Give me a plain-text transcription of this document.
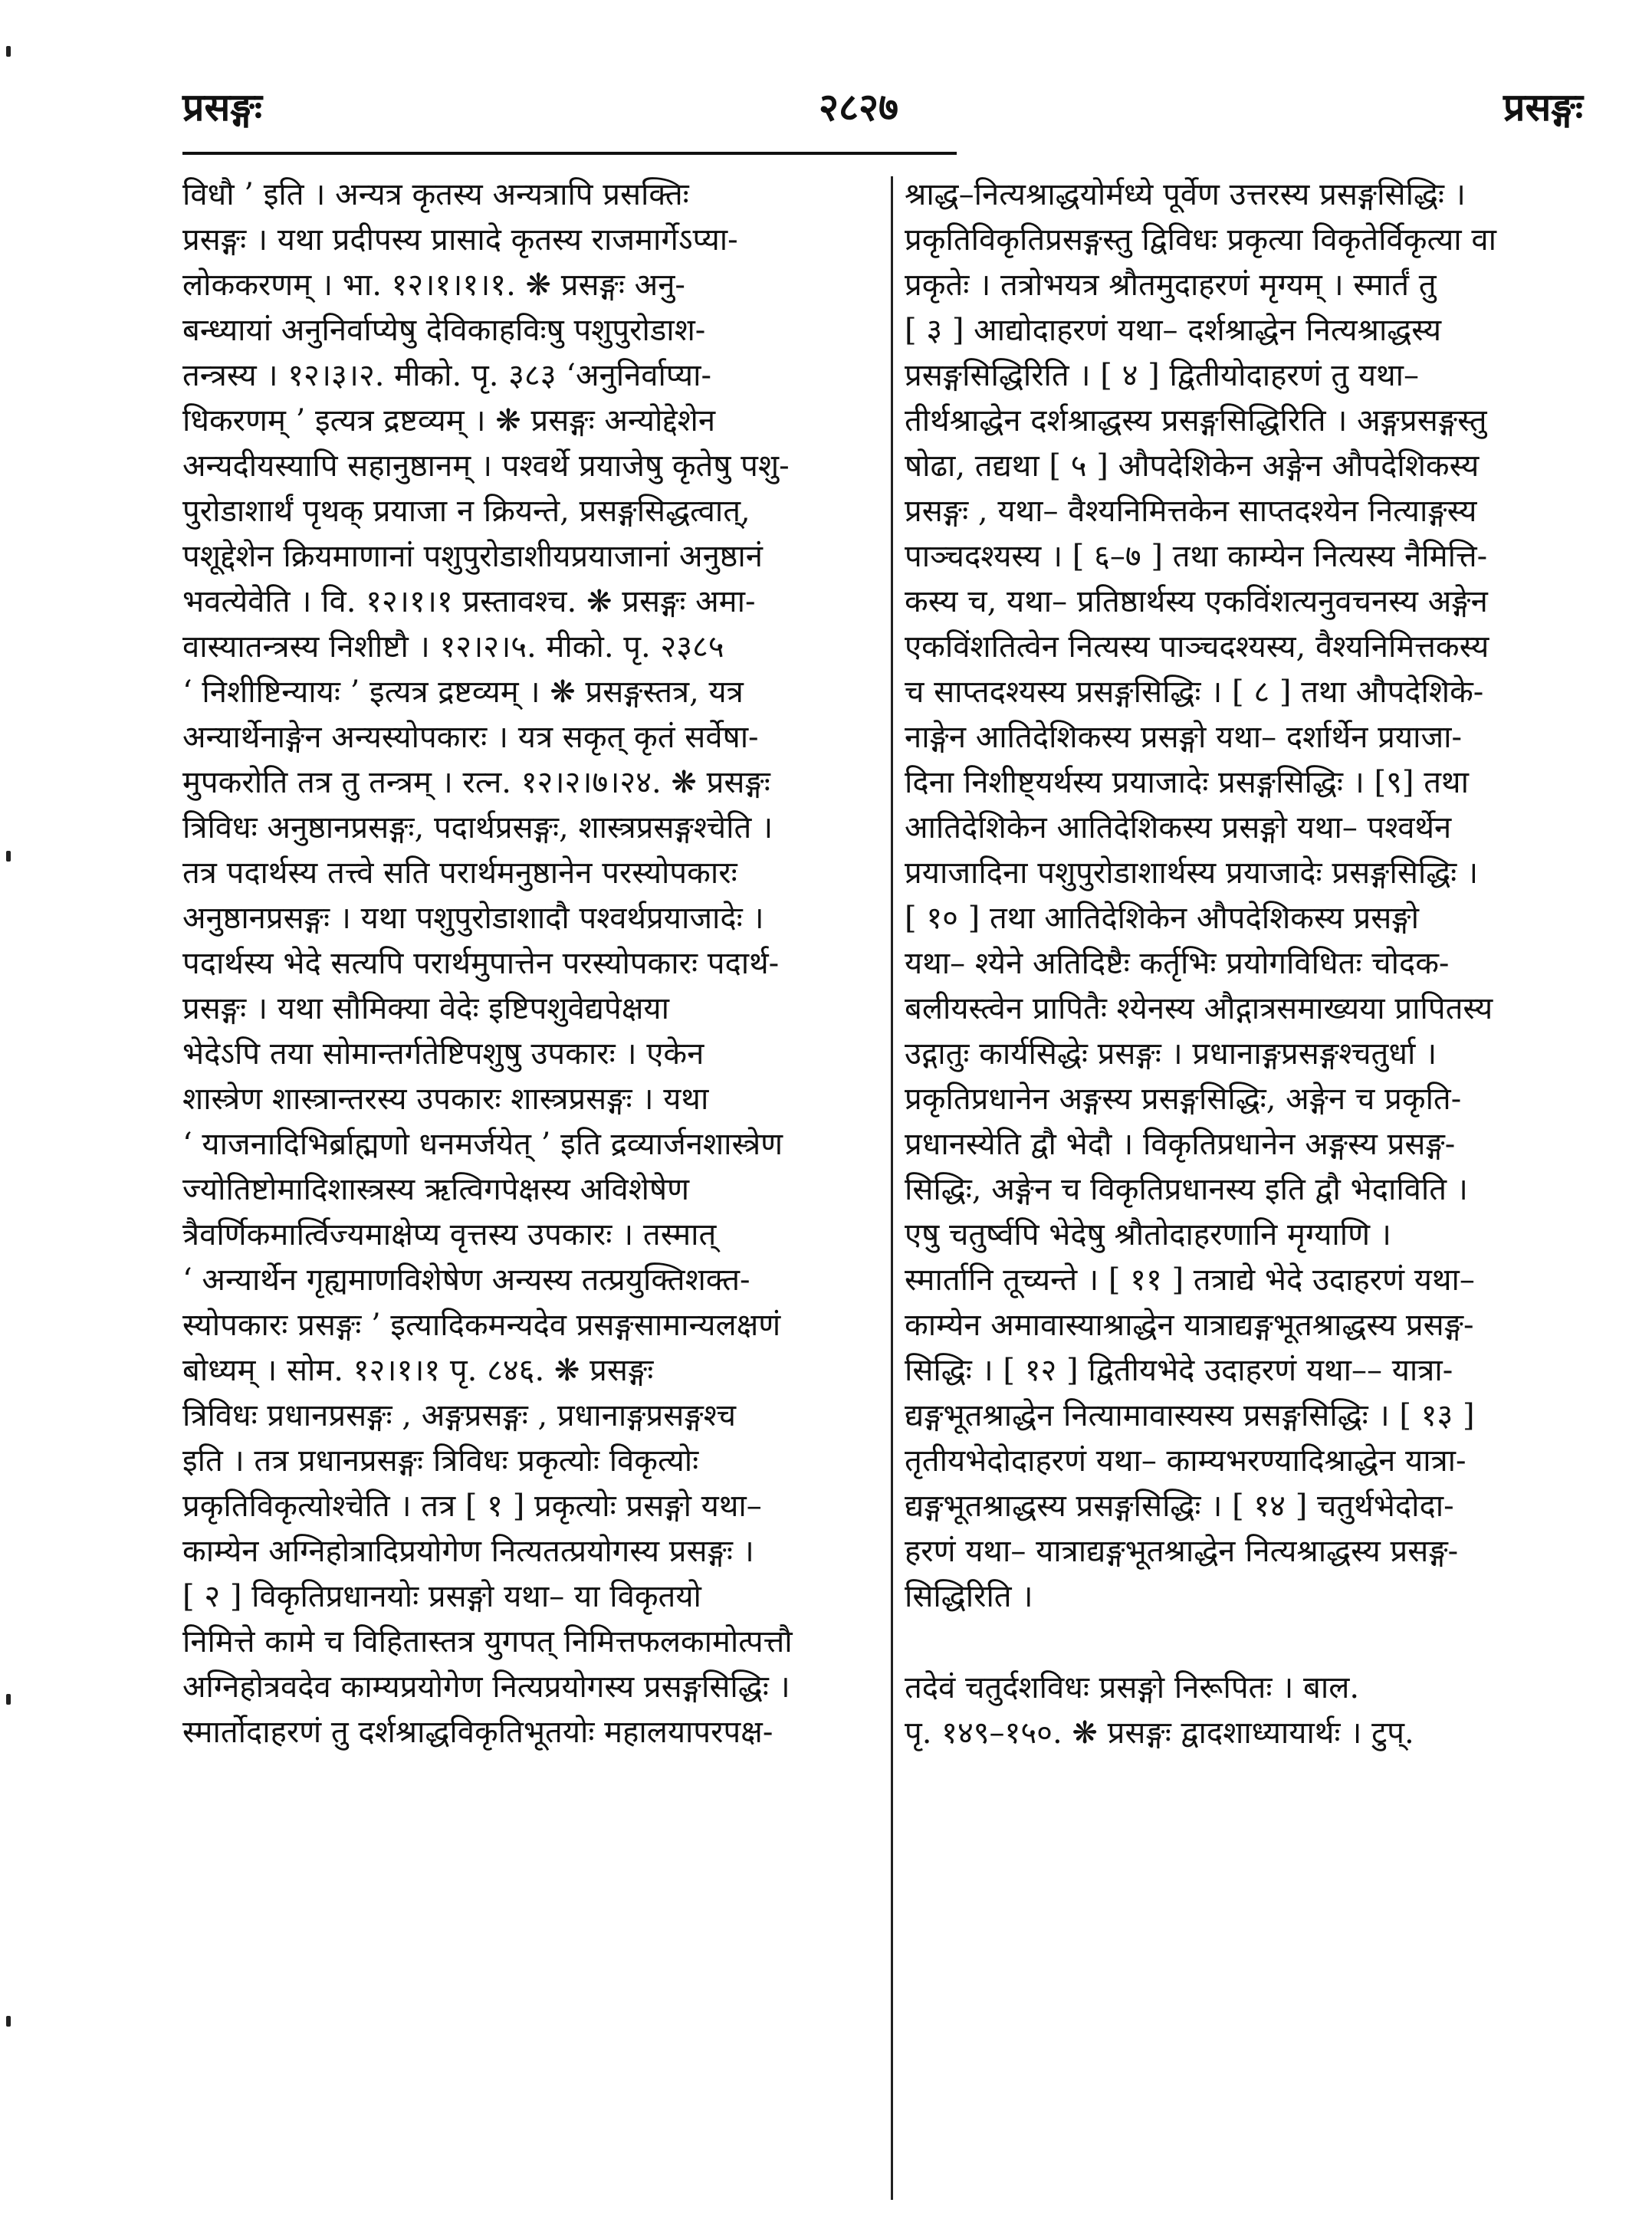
प्रसङ्गः	२८२७	प्रसङ्गः
विधौ ’ इति । अन्यत्र कृतस्य अन्यत्रापि प्रसक्तिः
प्रसङ्गः । यथा प्रदीपस्य प्रासादे कृतस्य राजमार्गेऽप्या-
लोककरणम् । भा. १२।१।१।१. ❋ प्रसङ्गः अनु-
बन्ध्यायां अनुनिर्वाप्येषु देविकाहविःषु पशुपुरोडाश-
तन्त्रस्य । १२।३।२. मीको. पृ. ३८३ ‘अनुनिर्वाप्या-
धिकरणम् ’ इत्यत्र द्रष्टव्यम् । ❋ प्रसङ्गः अन्योद्देशेन
अन्यदीयस्यापि सहानुष्ठानम् । पश्वर्थे प्रयाजेषु कृतेषु पशु-
पुरोडाशार्थं पृथक् प्रयाजा न क्रियन्ते, प्रसङ्गसिद्धत्वात्,
पशूद्देशेन क्रियमाणानां पशुपुरोडाशीयप्रयाजानां अनुष्ठानं
भवत्येवेति । वि. १२।१।१ प्रस्तावश्च. ❋ प्रसङ्गः अमा-
वास्यातन्त्रस्य निशीष्टौ । १२।२।५. मीको. पृ. २३८५
‘ निशीष्टिन्यायः ’ इत्यत्र द्रष्टव्यम् । ❋ प्रसङ्गस्तत्र, यत्र
अन्यार्थेनाङ्गेन अन्यस्योपकारः । यत्र सकृत् कृतं सर्वेषा-
मुपकरोति तत्र तु तन्त्रम् । रत्न. १२।२।७।२४. ❋ प्रसङ्गः
त्रिविधः अनुष्ठानप्रसङ्गः, पदार्थप्रसङ्गः, शास्त्रप्रसङ्गश्चेति ।
तत्र पदार्थस्य तत्त्वे सति परार्थमनुष्ठानेन परस्योपकारः
अनुष्ठानप्रसङ्गः । यथा पशुपुरोडाशादौ पश्वर्थप्रयाजादेः ।
पदार्थस्य भेदे सत्यपि परार्थमुपात्तेन परस्योपकारः पदार्थ-
प्रसङ्गः । यथा सौमिक्या वेदेः इष्टिपशुवेद्यपेक्षया
भेदेऽपि तया सोमान्तर्गतेष्टिपशुषु उपकारः । एकेन
शास्त्रेण शास्त्रान्तरस्य उपकारः शास्त्रप्रसङ्गः । यथा
‘ याजनादिभिर्ब्राह्मणो धनमर्जयेत् ’ इति द्रव्यार्जनशास्त्रेण
ज्योतिष्टोमादिशास्त्रस्य ऋत्विगपेक्षस्य अविशेषेण
त्रैवर्णिकमार्त्विज्यमाक्षेप्य वृत्तस्य उपकारः । तस्मात्
‘ अन्यार्थेन गृह्यमाणविशेषेण अन्यस्य तत्प्रयुक्तिशक्त-
स्योपकारः प्रसङ्गः ’ इत्यादिकमन्यदेव प्रसङ्गसामान्यलक्षणं
बोध्यम् । सोम. १२।१।१ पृ. ८४६. ❋ प्रसङ्गः
त्रिविधः प्रधानप्रसङ्गः , अङ्गप्रसङ्गः , प्रधानाङ्गप्रसङ्गश्च
इति । तत्र प्रधानप्रसङ्गः त्रिविधः प्रकृत्योः विकृत्योः
प्रकृतिविकृत्योश्चेति । तत्र [ १ ] प्रकृत्योः प्रसङ्गो यथा–
काम्येन अग्निहोत्रादिप्रयोगेण नित्यतत्प्रयोगस्य प्रसङ्गः ।
[ २ ] विकृतिप्रधानयोः प्रसङ्गो यथा– या विकृतयो
निमित्ते कामे च विहितास्तत्र युगपत् निमित्तफलकामोत्पत्तौ
अग्निहोत्रवदेव काम्यप्रयोगेण नित्यप्रयोगस्य प्रसङ्गसिद्धिः ।
स्मार्तोदाहरणं तु दर्शश्राद्धविकृतिभूतयोः महालयापरपक्ष-
श्राद्ध–नित्यश्राद्धयोर्मध्ये पूर्वेण उत्तरस्य प्रसङ्गसिद्धिः ।
प्रकृतिविकृतिप्रसङ्गस्तु द्विविधः प्रकृत्या विकृतेर्विकृत्या वा
प्रकृतेः । तत्रोभयत्र श्रौतमुदाहरणं मृग्यम् । स्मार्तं तु
[ ३ ] आद्योदाहरणं यथा– दर्शश्राद्धेन नित्यश्राद्धस्य
प्रसङ्गसिद्धिरिति । [ ४ ] द्वितीयोदाहरणं तु यथा–
तीर्थश्राद्धेन दर्शश्राद्धस्य प्रसङ्गसिद्धिरिति । अङ्गप्रसङ्गस्तु
षोढा, तद्यथा [ ५ ] औपदेशिकेन अङ्गेन औपदेशिकस्य
प्रसङ्गः , यथा– वैश्यनिमित्तकेन साप्तदश्येन नित्याङ्गस्य
पाञ्चदश्यस्य । [ ६–७ ] तथा काम्येन नित्यस्य नैमित्ति-
कस्य च, यथा– प्रतिष्ठार्थस्य एकविंशत्यनुवचनस्य अङ्गेन
एकविंशतित्वेन नित्यस्य पाञ्चदश्यस्य, वैश्यनिमित्तकस्य
च साप्तदश्यस्य प्रसङ्गसिद्धिः । [ ८ ] तथा औपदेशिके-
नाङ्गेन आतिदेशिकस्य प्रसङ्गो यथा– दर्शार्थेन प्रयाजा-
दिना निशीष्ट्यर्थस्य प्रयाजादेः प्रसङ्गसिद्धिः । [९] तथा
आतिदेशिकेन आतिदेशिकस्य प्रसङ्गो यथा– पश्वर्थेन
प्रयाजादिना पशुपुरोडाशार्थस्य प्रयाजादेः प्रसङ्गसिद्धिः ।
[ १० ] तथा आतिदेशिकेन औपदेशिकस्य प्रसङ्गो
यथा– श्येने अतिदिष्टैः कर्तृभिः प्रयोगविधितः चोदक-
बलीयस्त्वेन प्रापितैः श्येनस्य औद्गात्रसमाख्यया प्रापितस्य
उद्गातुः कार्यसिद्धेः प्रसङ्गः । प्रधानाङ्गप्रसङ्गश्चतुर्धा ।
प्रकृतिप्रधानेन अङ्गस्य प्रसङ्गसिद्धिः, अङ्गेन च प्रकृति-
प्रधानस्येति द्वौ भेदौ । विकृतिप्रधानेन अङ्गस्य प्रसङ्ग-
सिद्धिः, अङ्गेन च विकृतिप्रधानस्य इति द्वौ भेदाविति ।
एषु चतुर्ष्वपि भेदेषु श्रौतोदाहरणानि मृग्याणि ।
स्मार्तानि तूच्यन्ते । [ ११ ] तत्राद्ये भेदे उदाहरणं यथा–
काम्येन अमावास्याश्राद्धेन यात्राद्यङ्गभूतश्राद्धस्य प्रसङ्ग-
सिद्धिः । [ १२ ] द्वितीयभेदे उदाहरणं यथा–– यात्रा-
द्यङ्गभूतश्राद्धेन नित्यामावास्यस्य प्रसङ्गसिद्धिः । [ १३ ]
तृतीयभेदोदाहरणं यथा– काम्यभरण्यादिश्राद्धेन यात्रा-
द्यङ्गभूतश्राद्धस्य प्रसङ्गसिद्धिः । [ १४ ] चतुर्थभेदोदा-
हरणं यथा– यात्राद्यङ्गभूतश्राद्धेन नित्यश्राद्धस्य प्रसङ्ग-
सिद्धिरिति ।
तदेवं चतुर्दशविधः प्रसङ्गो निरूपितः । बाल.
पृ. १४९–१५०. ❋ प्रसङ्गः द्वादशाध्यायार्थः । टुप्.
